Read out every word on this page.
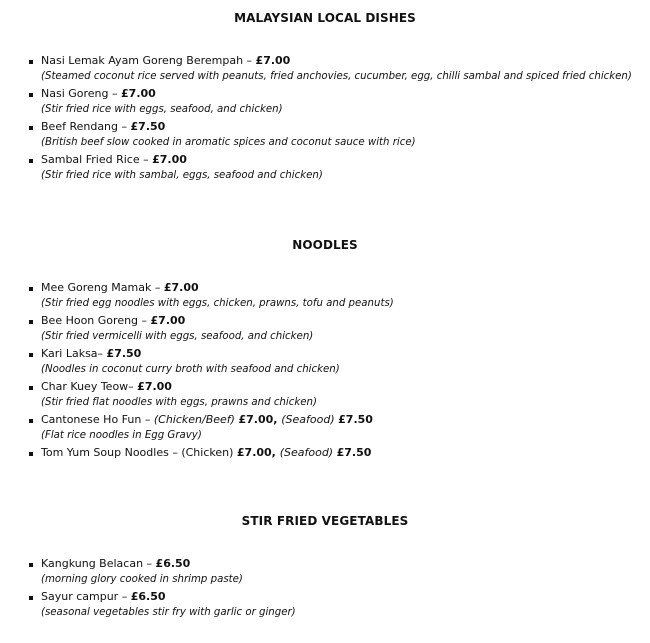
MALAYSIAN LOCAL DISHES
Nasi Lemak Ayam Goreng Berempah – £7.00
(Steamed coconut rice served with peanuts, fried anchovies, cucumber, egg, chilli sambal and spiced fried chicken)
Nasi Goreng – £7.00
(Stir fried rice with eggs, seafood, and chicken)
Beef Rendang – £7.50
(British beef slow cooked in aromatic spices and coconut sauce with rice)
Sambal Fried Rice – £7.00
(Stir fried rice with sambal, eggs, seafood and chicken)
NOODLES
Mee Goreng Mamak – £7.00
(Stir fried egg noodles with eggs, chicken, prawns, tofu and peanuts)
Bee Hoon Goreng – £7.00
(Stir fried vermicelli with eggs, seafood, and chicken)
Kari Laksa– £7.50
(Noodles in coconut curry broth with seafood and chicken)
Char Kuey Teow– £7.00
(Stir fried flat noodles with eggs, prawns and chicken)
Cantonese Ho Fun – (Chicken/Beef) £7.00, (Seafood) £7.50
(Flat rice noodles in Egg Gravy)
Tom Yum Soup Noodles – (Chicken) £7.00, (Seafood) £7.50
STIR FRIED VEGETABLES
Kangkung Belacan – £6.50
(morning glory cooked in shrimp paste)
Sayur campur – £6.50
(seasonal vegetables stir fry with garlic or ginger)
